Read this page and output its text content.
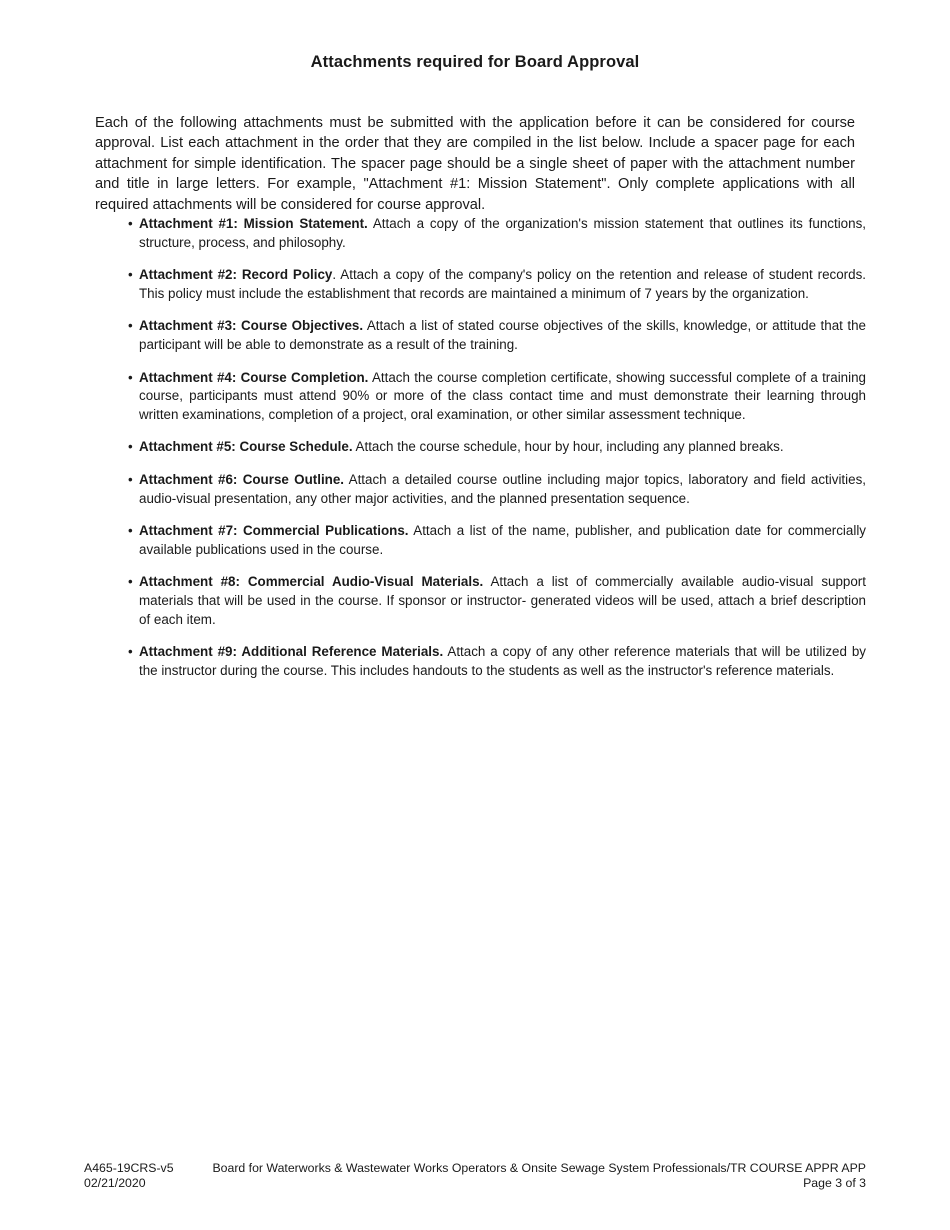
Attachments required for Board Approval

Each of the following attachments must be submitted with the application before it can be considered for course approval. List each attachment in the order that they are compiled in the list below. Include a spacer page for each attachment for simple identification. The spacer page should be a single sheet of paper with the attachment number and title in large letters. For example, "Attachment #1: Mission Statement". Only complete applications with all required attachments will be considered for course approval.

• Attachment #1: Mission Statement. Attach a copy of the organization's mission statement that outlines its functions, structure, process, and philosophy.
• Attachment #2: Record Policy. Attach a copy of the company's policy on the retention and release of student records. This policy must include the establishment that records are maintained a minimum of 7 years by the organization.
• Attachment #3: Course Objectives. Attach a list of stated course objectives of the skills, knowledge, or attitude that the participant will be able to demonstrate as a result of the training.
• Attachment #4: Course Completion. Attach the course completion certificate, showing successful complete of a training course, participants must attend 90% or more of the class contact time and must demonstrate their learning through written examinations, completion of a project, oral examination, or other similar assessment technique.
• Attachment #5: Course Schedule. Attach the course schedule, hour by hour, including any planned breaks.
• Attachment #6: Course Outline. Attach a detailed course outline including major topics, laboratory and field activities, audio-visual presentation, any other major activities, and the planned presentation sequence.
• Attachment #7: Commercial Publications. Attach a list of the name, publisher, and publication date for commercially available publications used in the course.
• Attachment #8: Commercial Audio-Visual Materials. Attach a list of commercially available audio-visual support materials that will be used in the course. If sponsor or instructor- generated videos will be used, attach a brief description of each item.
• Attachment #9: Additional Reference Materials. Attach a copy of any other reference materials that will be utilized by the instructor during the course. This includes handouts to the students as well as the instructor's reference materials.
A465-19CRS-v5
02/21/2020
Board for Waterworks & Wastewater Works Operators & Onsite Sewage System Professionals/TR COURSE APPR APP
Page 3 of 3
